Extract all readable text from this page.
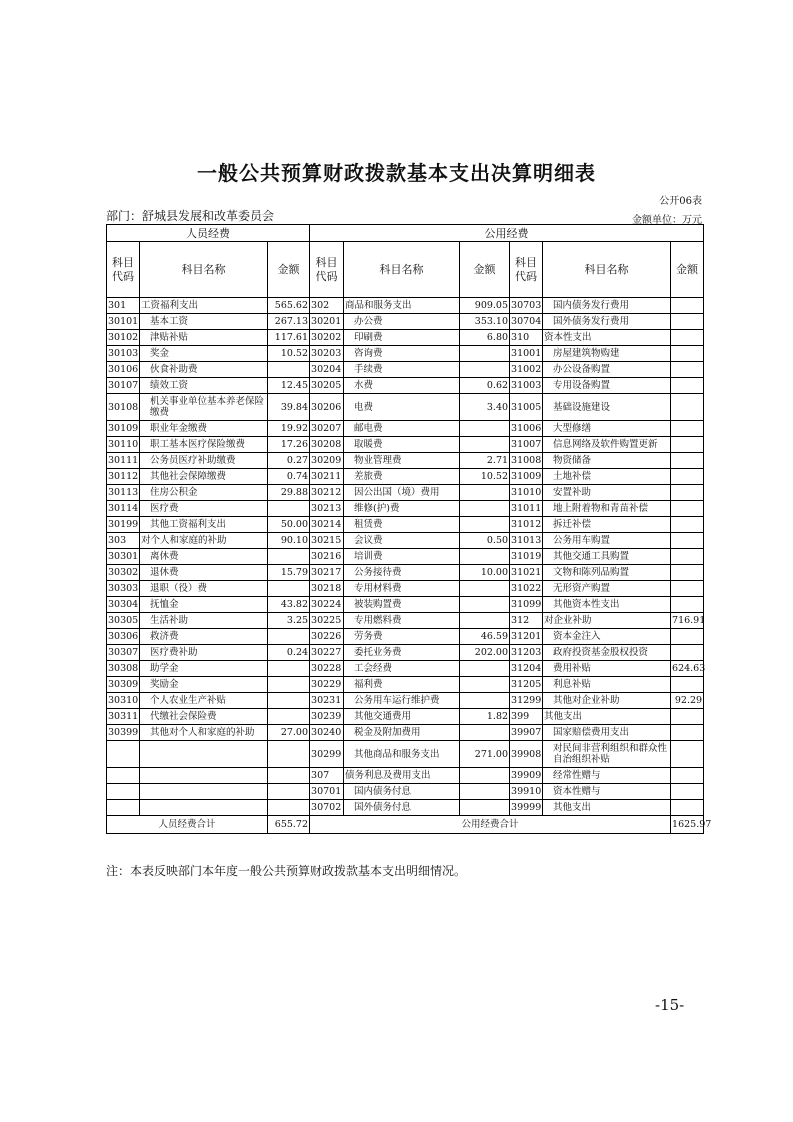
一般公共预算财政拨款基本支出决算明细表
公开06表
部门：舒城县发展和改革委员会	金额单位：万元
人员经费			公用经费					
科目代码	科目名称	金额	科目代码	科目名称	金额	科目代码	科目名称	金额
301	工资福利支出	565.62	302	商品和服务支出	909.05	30703	国内债务发行费用	
30101	基本工资	267.13	30201	办公费	353.10	30704	国外债务发行费用	
30102	津贴补贴	117.61	30202	印刷费	6.80	310	资本性支出	
30103	奖金	10.52	30203	咨询费		31001	房屋建筑物购建	
30106	伙食补助费		30204	手续费		31002	办公设备购置	
30107	绩效工资	12.45	30205	水费	0.62	31003	专用设备购置	
30108	机关事业单位基本养老保险缴费	39.84	30206	电费	3.40	31005	基础设施建设	
30109	职业年金缴费	19.92	30207	邮电费		31006	大型修缮	
30110	职工基本医疗保险缴费	17.26	30208	取暖费		31007	信息网络及软件购置更新	
30111	公务员医疗补助缴费	0.27	30209	物业管理费	2.71	31008	物资储备	
30112	其他社会保障缴费	0.74	30211	差旅费	10.52	31009	土地补偿	
30113	住房公积金	29.88	30212	因公出国（境）费用		31010	安置补助	
30114	医疗费		30213	维修(护)费		31011	地上附着物和青苗补偿	
30199	其他工资福利支出	50.00	30214	租赁费		31012	拆迁补偿	
303	对个人和家庭的补助	90.10	30215	会议费	0.50	31013	公务用车购置	
30301	离休费		30216	培训费		31019	其他交通工具购置	
30302	退休费	15.79	30217	公务接待费	10.00	31021	文物和陈列品购置	
30303	退职（役）费		30218	专用材料费		31022	无形资产购置	
30304	抚恤金	43.82	30224	被装购置费		31099	其他资本性支出	
30305	生活补助	3.25	30225	专用燃料费		312	对企业补助	716.91
30306	救济费		30226	劳务费	46.59	31201	资本金注入	
30307	医疗费补助	0.24	30227	委托业务费	202.00	31203	政府投资基金股权投资	
30308	助学金		30228	工会经费		31204	费用补贴	624.63
30309	奖励金		30229	福利费		31205	利息补贴	
30310	个人农业生产补贴		30231	公务用车运行维护费		31299	其他对企业补助	92.29
30311	代缴社会保险费		30239	其他交通费用	1.82	399	其他支出	
30399	其他对个人和家庭的补助	27.00	30240	税金及附加费用		39907	国家赔偿费用支出	
			30299	其他商品和服务支出	271.00	39908	对民间非营利组织和群众性自治组织补贴	
			307	债务利息及费用支出		39909	经常性赠与	
			30701	国内债务付息		39910	资本性赠与	
			30702	国外债务付息		39999	其他支出	
人员经费合计		655.72	公用经费合计					1625.97
注：本表反映部门本年度一般公共预算财政拨款基本支出明细情况。
-15-
